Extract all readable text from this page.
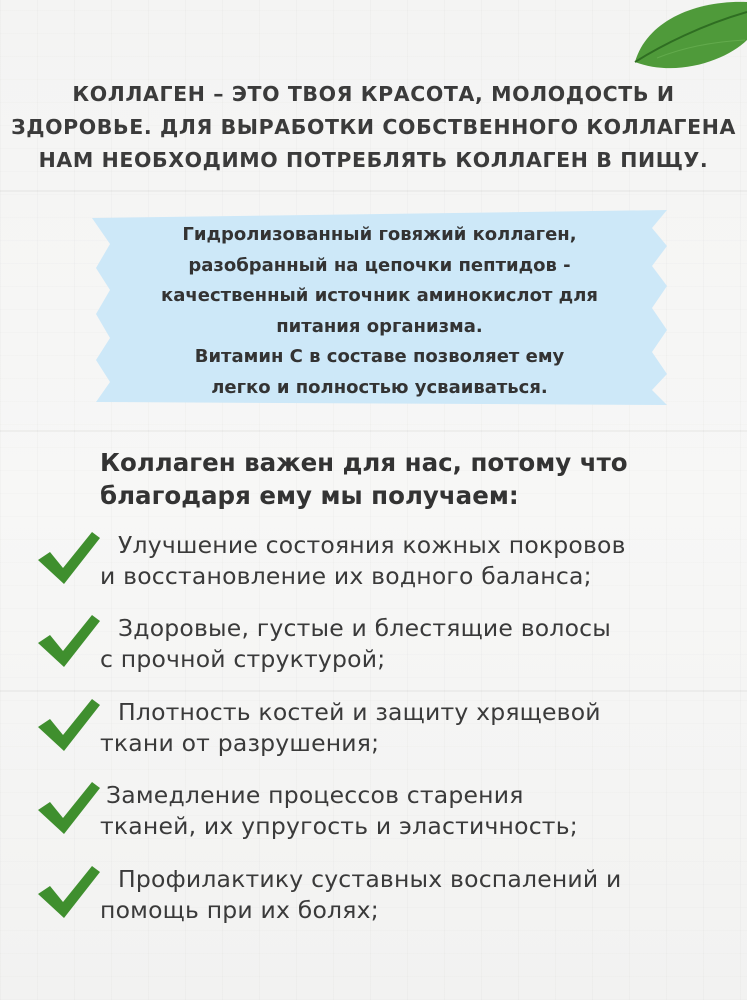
КОЛЛАГЕН – ЭТО ТВОЯ КРАСОТА, МОЛОДОСТЬ И
ЗДОРОВЬЕ. ДЛЯ ВЫРАБОТКИ СОБСТВЕННОГО КОЛЛАГЕНА
НАМ НЕОБХОДИМО ПОТРЕБЛЯТЬ КОЛЛАГЕН В ПИЩУ.
Гидролизованный говяжий коллаген,
разобранный на цепочки пептидов -
качественный источник аминокислот для
питания организма.
Витамин С в составе позволяет ему
легко и полностью усваиваться.
Коллаген важен для нас, потому что
благодаря ему мы получаем:
Улучшение состояния кожных покровов
и восстановление их водного баланса;
Здоровые, густые и блестящие волосы
с прочной структурой;
Плотность костей и защиту хрящевой
ткани от разрушения;
Замедление процессов старения
тканей, их упругость и эластичность;
Профилактику суставных воспалений и
помощь при их болях;
